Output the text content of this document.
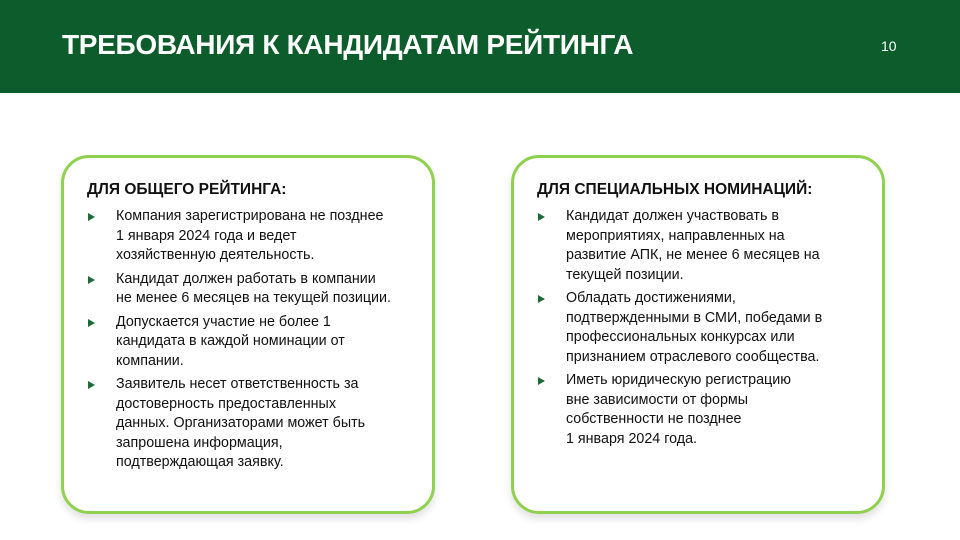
ТРЕБОВАНИЯ К КАНДИДАТАМ РЕЙТИНГА	10
ДЛЯ ОБЩЕГО РЕЙТИНГА:
Компания зарегистрирована не позднее
1 января 2024 года и ведет
хозяйственную деятельность.
Кандидат должен работать в компании
не менее 6 месяцев на текущей позиции.
Допускается участие не более 1
кандидата в каждой номинации от
компании.
Заявитель несет ответственность за
достоверность предоставленных
данных. Организаторами может быть
запрошена информация,
подтверждающая заявку.
ДЛЯ СПЕЦИАЛЬНЫХ НОМИНАЦИЙ:
Кандидат должен участвовать в
мероприятиях, направленных на
развитие АПК, не менее 6 месяцев на
текущей позиции.
Обладать достижениями,
подтвержденными в СМИ, победами в
профессиональных конкурсах или
признанием отраслевого сообщества.
Иметь юридическую регистрацию
вне зависимости от формы
собственности не позднее
1 января 2024 года.
